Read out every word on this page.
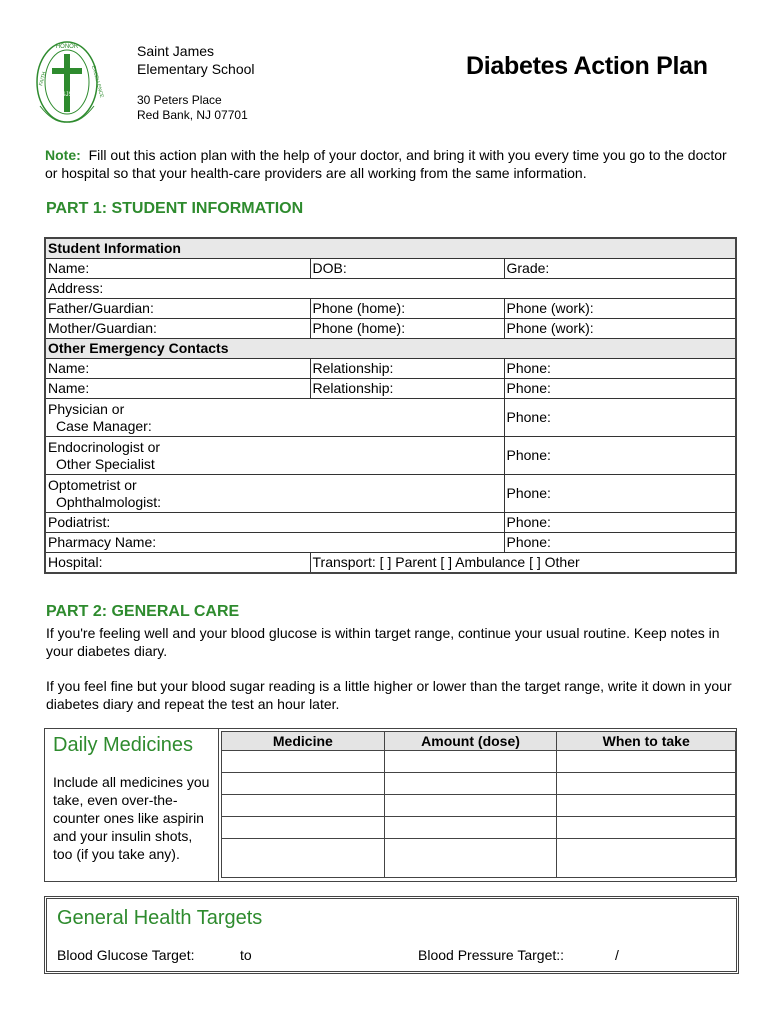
HONOR
FAITH	EXCELLENCE
SJS
Saint James
Elementary School
30 Peters Place
Red Bank, NJ 07701
Diabetes Action Plan
Note: Fill out this action plan with the help of your doctor, and bring it with you every time you go to the doctor or hospital so that your health-care providers are all working from the same information.
PART 1: STUDENT INFORMATION
Student Information		
Name:	DOB:	Grade:
Address:		
Father/Guardian:	Phone (home):	Phone (work):
Mother/Guardian:	Phone (home):	Phone (work):
Other Emergency Contacts		
Name:	Relationship:	Phone:
Name:	Relationship:	Phone:

Physician or
Case Manager:		Phone:

Endocrinologist or
Other Specialist		Phone:

Optometrist or
Ophthalmologist:		Phone:
Podiatrist:		Phone:
Pharmacy Name:		Phone:
Hospital:	Transport: [ ] Parent [ ] Ambulance [ ] Other	
PART 2: GENERAL CARE
If you're feeling well and your blood glucose is within target range, continue your usual routine. Keep notes in your diabetes diary.
If you feel fine but your blood sugar reading is a little higher or lower than the target range, write it down in your diabetes diary and repeat the test an hour later.
Daily Medicines
Include all medicines you take, even over-the-counter ones like aspirin and your insulin shots, too (if you take any).
Medicine	Amount (dose)	When to take

General Health Targets
Blood Glucose Target:	to	Blood Pressure Target::	/
